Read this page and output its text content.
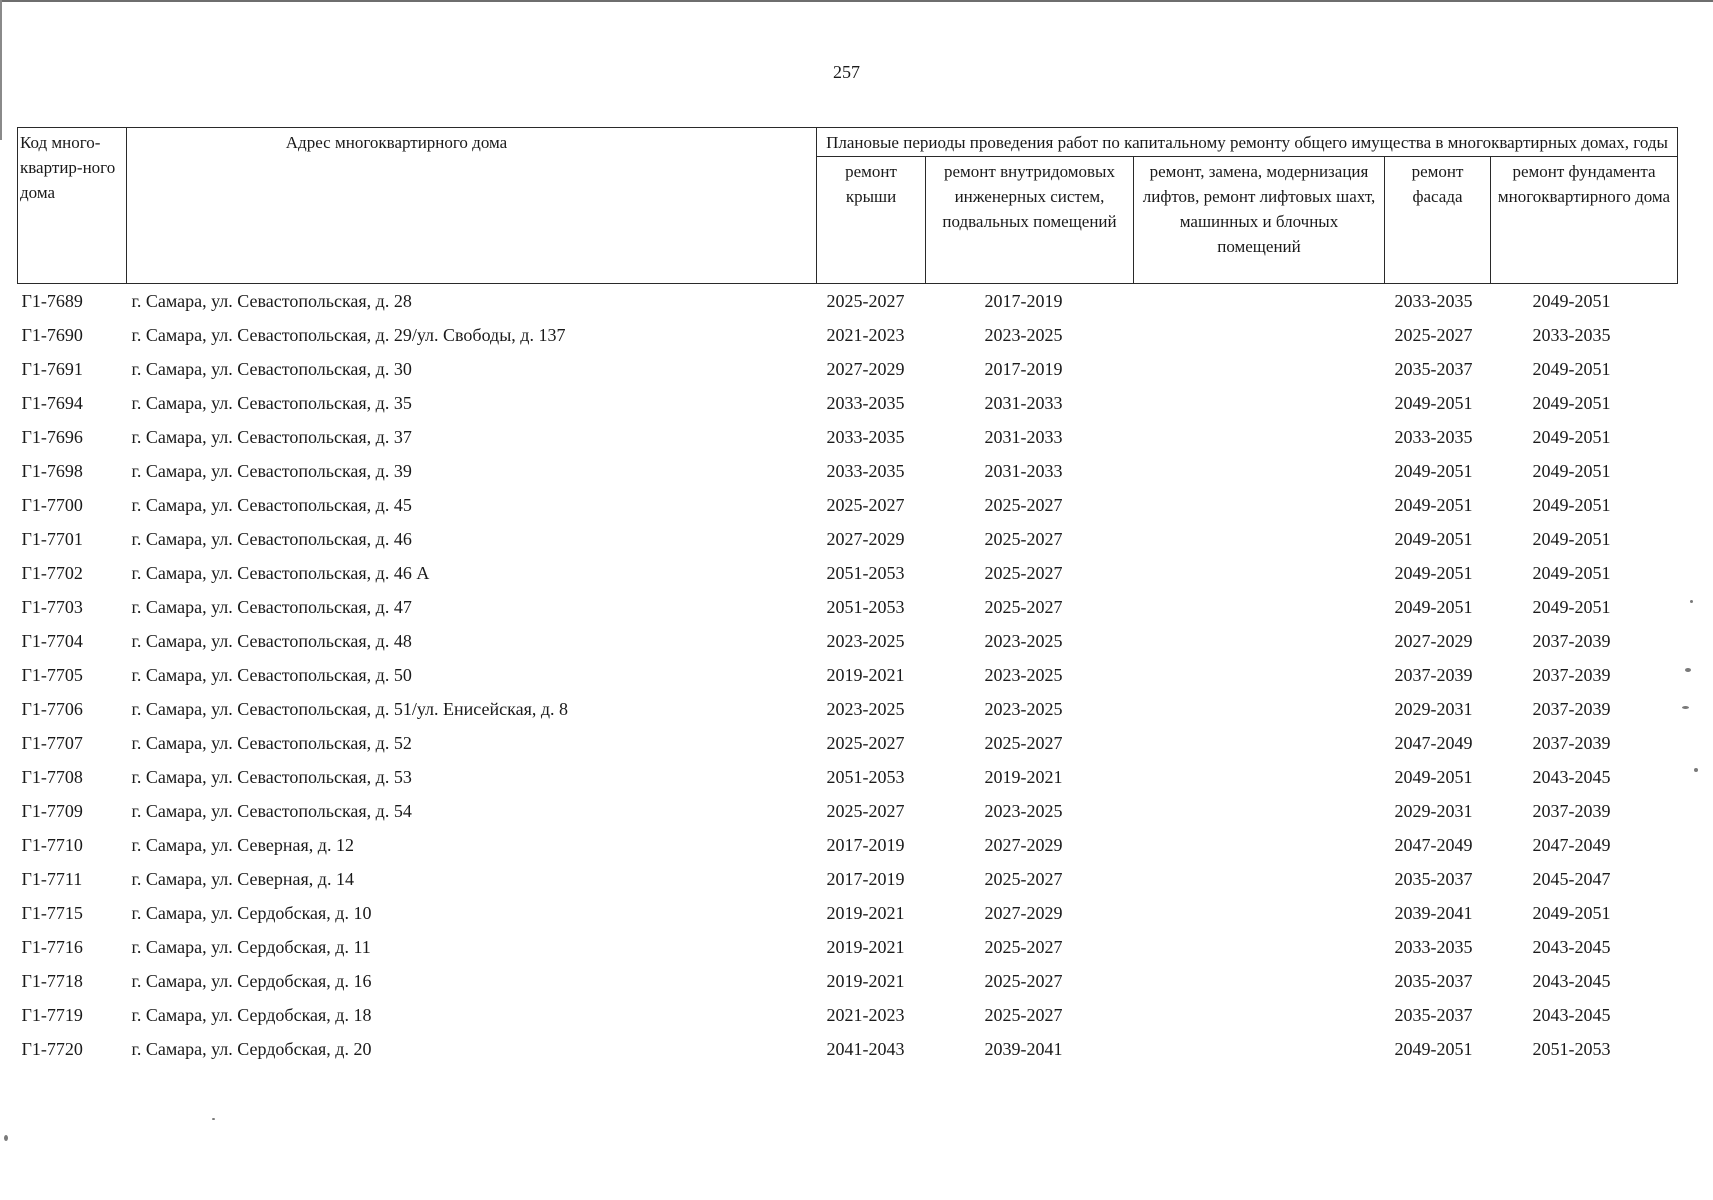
257
Код много-квартир-ного дома	Адрес многоквартирного дома	Плановые периоды проведения работ по капитальному ремонту общего имущества в многоквартирных домах, годы				
		ремонт крыши	ремонт внутридомовых инженерных систем, подвальных помещений	ремонт, замена, модернизация лифтов, ремонт лифтовых шахт, машинных и блочных помещений	ремонт фасада	ремонт фундамента многоквартирного дома
Г1-7689	г. Самара, ул. Севастопольская, д. 28	2025-2027	2017-2019		2033-2035	2049-2051
Г1-7690	г. Самара, ул. Севастопольская, д. 29/ул. Свободы, д. 137	2021-2023	2023-2025		2025-2027	2033-2035
Г1-7691	г. Самара, ул. Севастопольская, д. 30	2027-2029	2017-2019		2035-2037	2049-2051
Г1-7694	г. Самара, ул. Севастопольская, д. 35	2033-2035	2031-2033		2049-2051	2049-2051
Г1-7696	г. Самара, ул. Севастопольская, д. 37	2033-2035	2031-2033		2033-2035	2049-2051
Г1-7698	г. Самара, ул. Севастопольская, д. 39	2033-2035	2031-2033		2049-2051	2049-2051
Г1-7700	г. Самара, ул. Севастопольская, д. 45	2025-2027	2025-2027		2049-2051	2049-2051
Г1-7701	г. Самара, ул. Севастопольская, д. 46	2027-2029	2025-2027		2049-2051	2049-2051
Г1-7702	г. Самара, ул. Севастопольская, д. 46 А	2051-2053	2025-2027		2049-2051	2049-2051
Г1-7703	г. Самара, ул. Севастопольская, д. 47	2051-2053	2025-2027		2049-2051	2049-2051
Г1-7704	г. Самара, ул. Севастопольская, д. 48	2023-2025	2023-2025		2027-2029	2037-2039
Г1-7705	г. Самара, ул. Севастопольская, д. 50	2019-2021	2023-2025		2037-2039	2037-2039
Г1-7706	г. Самара, ул. Севастопольская, д. 51/ул. Енисейская, д. 8	2023-2025	2023-2025		2029-2031	2037-2039
Г1-7707	г. Самара, ул. Севастопольская, д. 52	2025-2027	2025-2027		2047-2049	2037-2039
Г1-7708	г. Самара, ул. Севастопольская, д. 53	2051-2053	2019-2021		2049-2051	2043-2045
Г1-7709	г. Самара, ул. Севастопольская, д. 54	2025-2027	2023-2025		2029-2031	2037-2039
Г1-7710	г. Самара, ул. Северная, д. 12	2017-2019	2027-2029		2047-2049	2047-2049
Г1-7711	г. Самара, ул. Северная, д. 14	2017-2019	2025-2027		2035-2037	2045-2047
Г1-7715	г. Самара, ул. Сердобская, д. 10	2019-2021	2027-2029		2039-2041	2049-2051
Г1-7716	г. Самара, ул. Сердобская, д. 11	2019-2021	2025-2027		2033-2035	2043-2045
Г1-7718	г. Самара, ул. Сердобская, д. 16	2019-2021	2025-2027		2035-2037	2043-2045
Г1-7719	г. Самара, ул. Сердобская, д. 18	2021-2023	2025-2027		2035-2037	2043-2045
Г1-7720	г. Самара, ул. Сердобская, д. 20	2041-2043	2039-2041		2049-2051	2051-2053
